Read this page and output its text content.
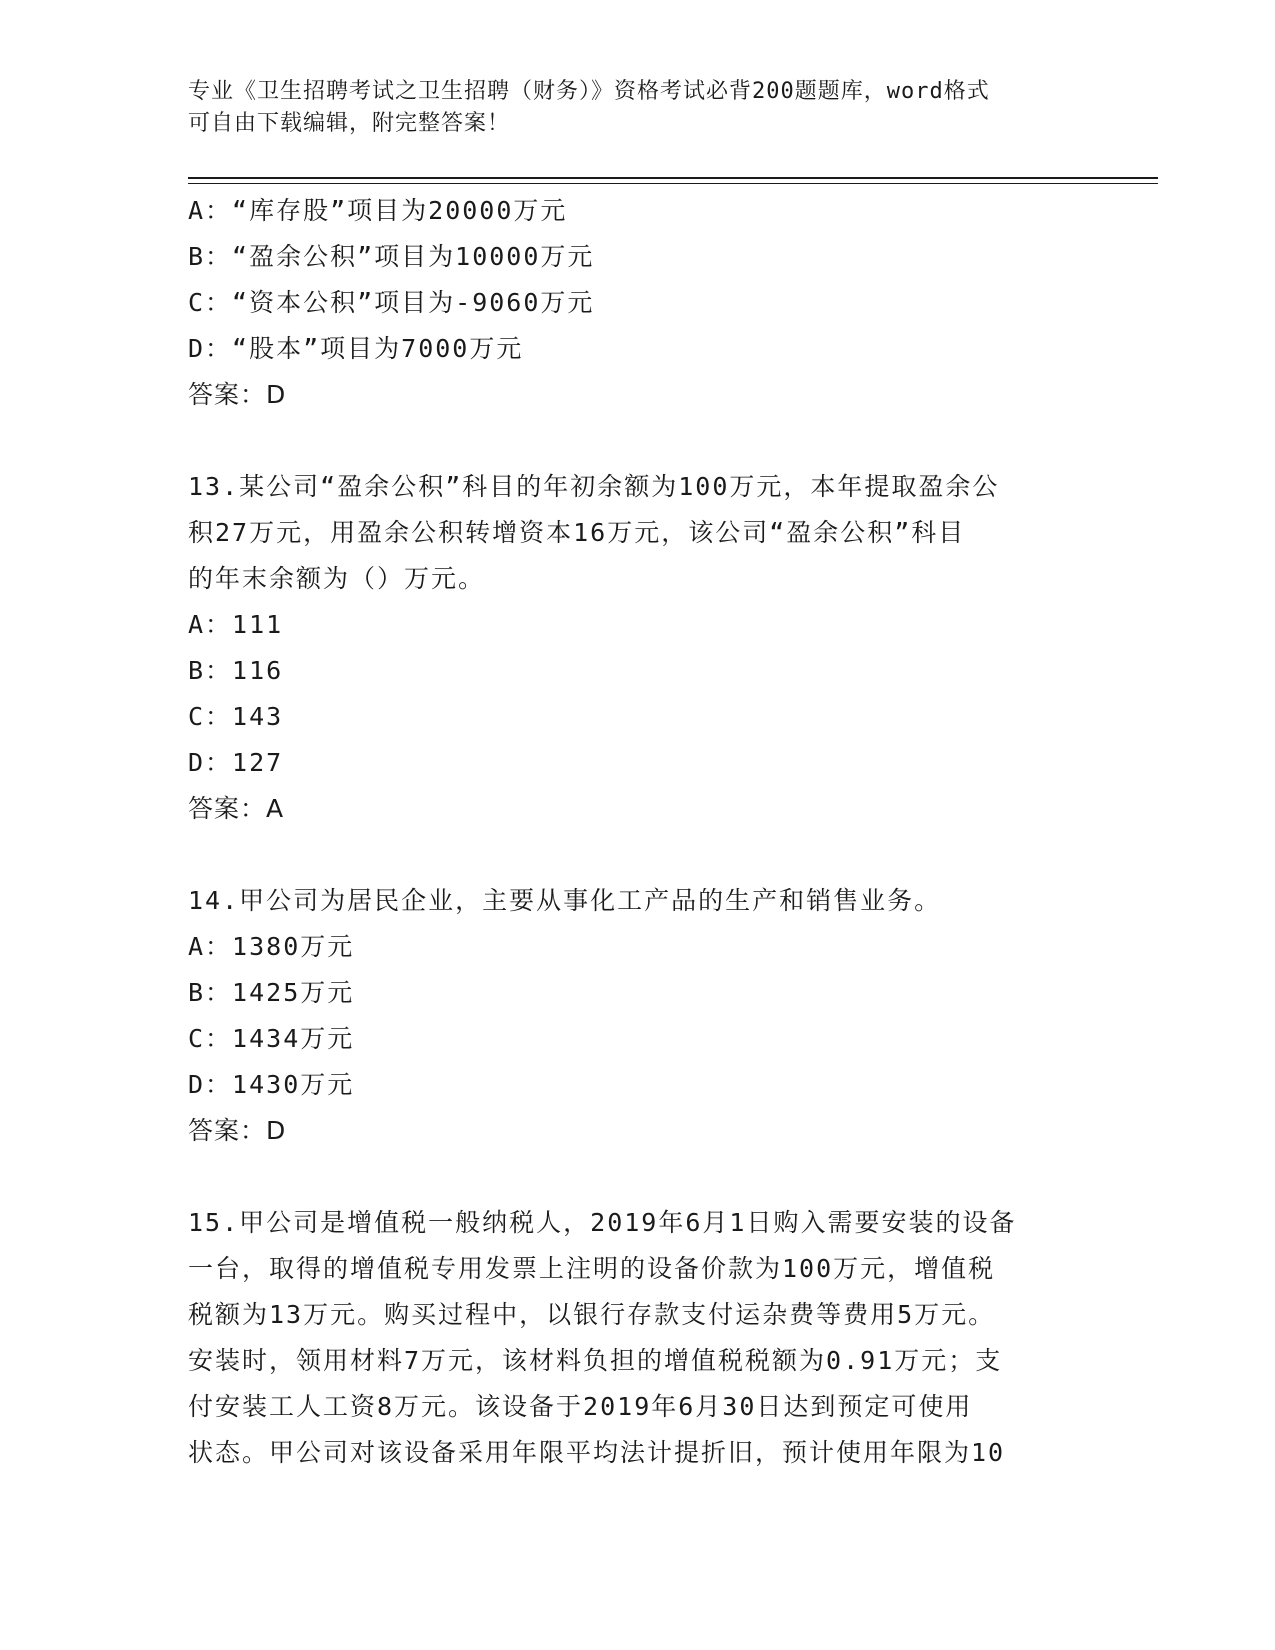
专业《卫生招聘考试之卫生招聘（财务）》资格考试必背200题题库，word格式
可自由下载编辑，附完整答案！
A：“库存股”项目为20000万元
B：“盈余公积”项目为10000万元
C：“资本公积”项目为-9060万元
D：“股本”项目为7000万元
答案：D
13.某公司“盈余公积”科目的年初余额为100万元，本年提取盈余公
积27万元，用盈余公积转增资本16万元，该公司“盈余公积”科目
的年末余额为（）万元。
A：111
B：116
C：143
D：127
答案：A
14.甲公司为居民企业，主要从事化工产品的生产和销售业务。
A：1380万元
B：1425万元
C：1434万元
D：1430万元
答案：D
15.甲公司是增值税一般纳税人，2019年6月1日购入需要安装的设备
一台，取得的增值税专用发票上注明的设备价款为100万元，增值税
税额为13万元。购买过程中，以银行存款支付运杂费等费用5万元。
安装时，领用材料7万元，该材料负担的增值税税额为0.91万元；支
付安装工人工资8万元。该设备于2019年6月30日达到预定可使用
状态。甲公司对该设备采用年限平均法计提折旧，预计使用年限为10
